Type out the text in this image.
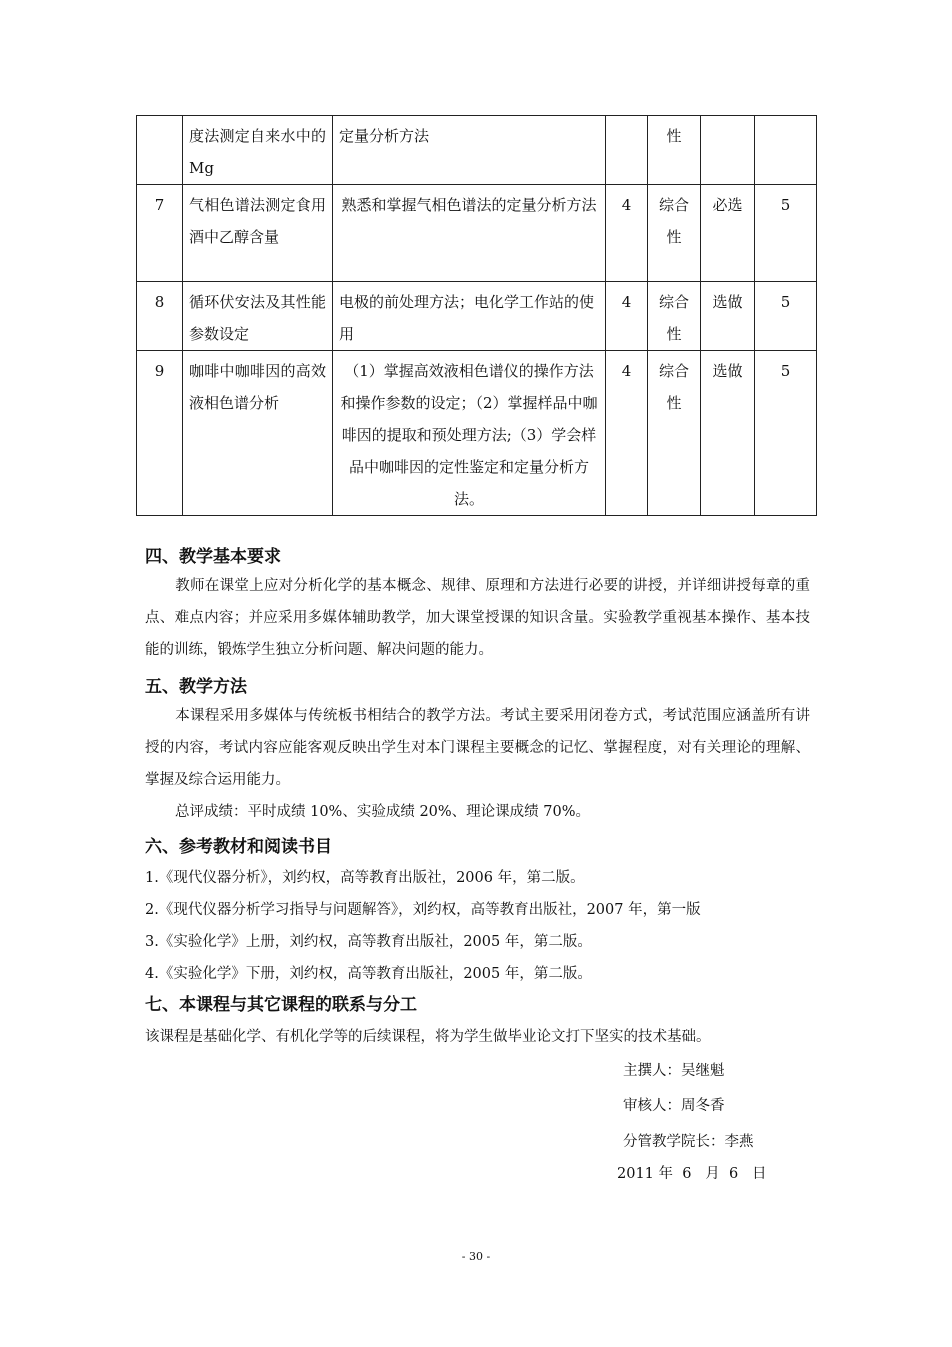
	度法测定自来水中的Mg	定量分析方法		性		
7	气相色谱法测定食用酒中乙醇含量	熟悉和掌握气相色谱法的定量分析方法	4	综合性	必选	5
8	循环伏安法及其性能参数设定	电极的前处理方法；电化学工作站的使用	4	综合性	选做	5
9	咖啡中咖啡因的高效液相色谱分析	（1）掌握高效液相色谱仪的操作方法和操作参数的设定；（2）掌握样品中咖啡因的提取和预处理方法;（3）学会样品中咖啡因的定性鉴定和定量分析方法。	4	综合性	选做	5
四、教学基本要求
教师在课堂上应对分析化学的基本概念、规律、原理和方法进行必要的讲授，并详细讲授每章的重点、难点内容；并应采用多媒体辅助教学，加大课堂授课的知识含量。实验教学重视基本操作、基本技能的训练，锻炼学生独立分析问题、解决问题的能力。
五、教学方法
本课程采用多媒体与传统板书相结合的教学方法。考试主要采用闭卷方式，考试范围应涵盖所有讲授的内容，考试内容应能客观反映出学生对本门课程主要概念的记忆、掌握程度，对有关理论的理解、掌握及综合运用能力。
总评成绩：平时成绩 10%、实验成绩 20%、理论课成绩 70%。
六、参考教材和阅读书目
1.《现代仪器分析》，刘约权，高等教育出版社，2006 年，第二版。
2.《现代仪器分析学习指导与问题解答》，刘约权，高等教育出版社，2007 年，第一版
3.《实验化学》上册，刘约权，高等教育出版社，2005 年，第二版。
4.《实验化学》下册，刘约权，高等教育出版社，2005 年，第二版。
七、本课程与其它课程的联系与分工
该课程是基础化学、有机化学等的后续课程，将为学生做毕业论文打下坚实的技术基础。
主撰人：吴继魁
审核人：周冬香
分管教学院长：李燕
2011 年  6   月  6   日
- 30 -
